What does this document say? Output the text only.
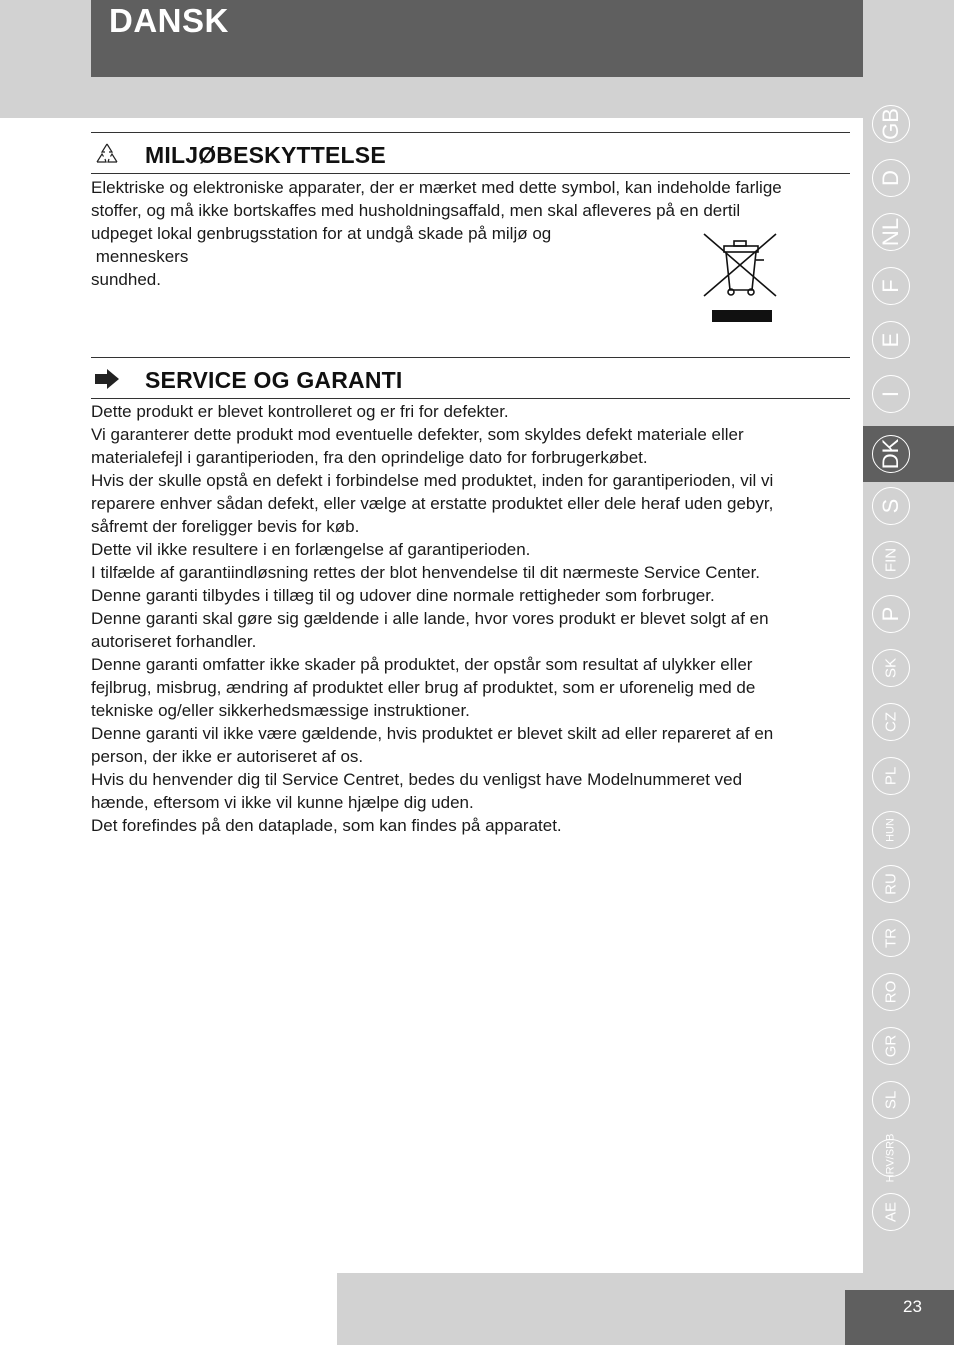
DANSK
MILJØBESKYTTELSE

Elektriske og elektroniske apparater, der er mærket med dette symbol, kan indeholde farlige

stoffer, og må ikke bortskaffes med husholdningsaffald, men skal afleveres på en dertil

udpeget lokal genbrugsstation for at undgå skade på miljø og

menneskers

sundhed.

SERVICE OG GARANTI

Dette produkt er blevet kontrolleret og er fri for defekter.

Vi garanterer dette produkt mod eventuelle defekter, som skyldes defekt materiale eller

materialefejl i garantiperioden, fra den oprindelige dato for forbrugerkøbet.

Hvis der skulle opstå en defekt i forbindelse med produktet, inden for garantiperioden, vil vi

reparere enhver sådan defekt, eller vælge at erstatte produktet eller dele heraf uden gebyr,

såfremt der foreligger bevis for køb.

Dette vil ikke resultere i en forlængelse af garantiperioden.

I tilfælde af garantiindløsning rettes der blot henvendelse til dit nærmeste Service Center.

Denne garanti tilbydes i tillæg til og udover dine normale rettigheder som forbruger.

Denne garanti skal gøre sig gældende i alle lande, hvor vores produkt er blevet solgt af en

autoriseret forhandler.

Denne garanti omfatter ikke skader på produktet, der opstår som resultat af ulykker eller

fejlbrug, misbrug, ændring af produktet eller brug af produktet, som er uforenelig med de

tekniske og/eller sikkerhedsmæssige instruktioner.

Denne garanti vil ikke være gældende, hvis produktet er blevet skilt ad eller repareret af en

person, der ikke er autoriseret af os.

Hvis du henvender dig til Service Centret, bedes du venligst have Modelnummeret ved

hænde, eftersom vi ikke vil kunne hjælpe dig uden.

Det forefindes på den dataplade, som kan findes på apparatet.

GB
D
NL
F
E
I
DK
S
FIN
P
SK
CZ
PL
HUN
RU
TR
RO
GR
SL
HRV/SRB
AE
23
